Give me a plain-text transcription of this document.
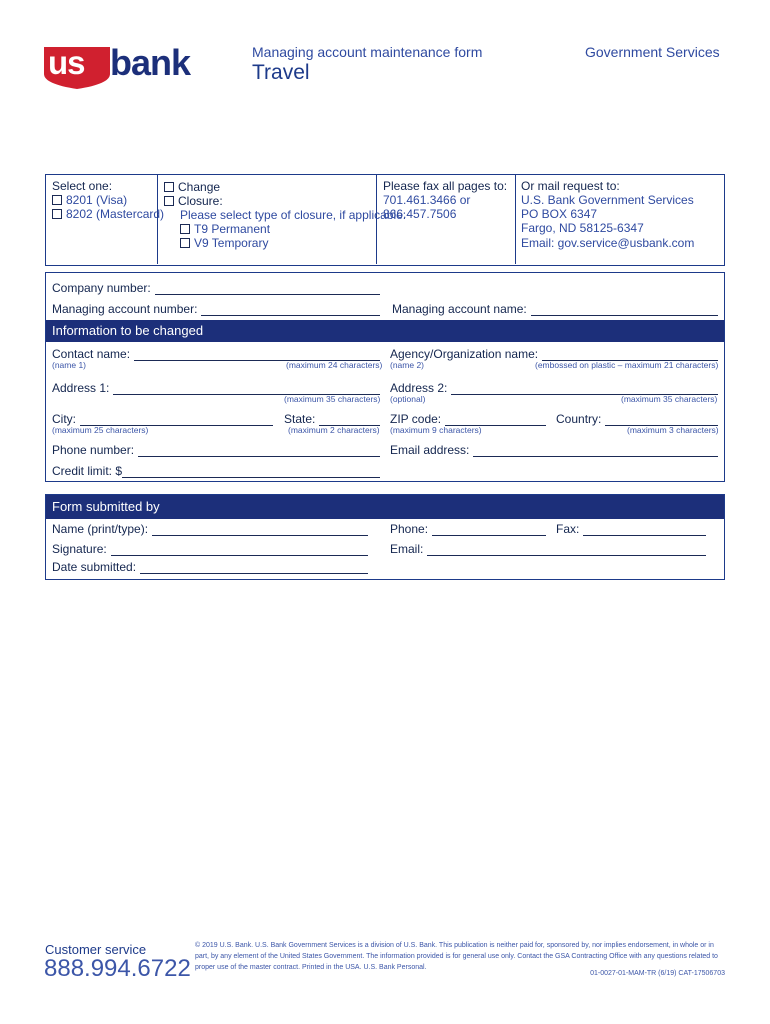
us bank	Managing account maintenance form
Travel
Government Services
Select one:
8201 (Visa)
8202 (Mastercard)
Change
Closure:
Please select type of closure, if applicable:
T9 Permanent
V9 Temporary
Please fax all pages to:
701.461.3466 or
866.457.7506
Or mail request to:
U.S. Bank Government Services
PO BOX 6347
Fargo, ND 58125-6347
Email: gov.service@usbank.com
Company number:
Managing account number:	Managing account name:
Information to be changed
Contact name:
(name 1)	(maximum 24 characters)
Agency/Organization name:
(name 2)	(embossed on plastic – maximum 21 characters)
Address 1:
(maximum 35 characters)
Address 2:
(optional)	(maximum 35 characters)
City:
(maximum 25 characters)
State:
(maximum 2 characters)
ZIP code:
(maximum 9 characters)
Country:
(maximum 3 characters)
Phone number:	Email address:
Credit limit: $
Form submitted by
Name (print/type):	Phone:	Fax:
Signature:	Email:
Date submitted:
Customer service
888.994.6722
© 2019 U.S. Bank. U.S. Bank Government Services is a division of U.S. Bank. This publication is neither paid for, sponsored by, nor implies endorsement, in whole or in part, by any element of the United States Government. The information provided is for general use only. Contact the GSA Contracting Office with any questions related to proper use of the master contract. Printed in the USA. U.S. Bank Personal.
01-0027-01-MAM-TR (6/19) CAT-17506703
